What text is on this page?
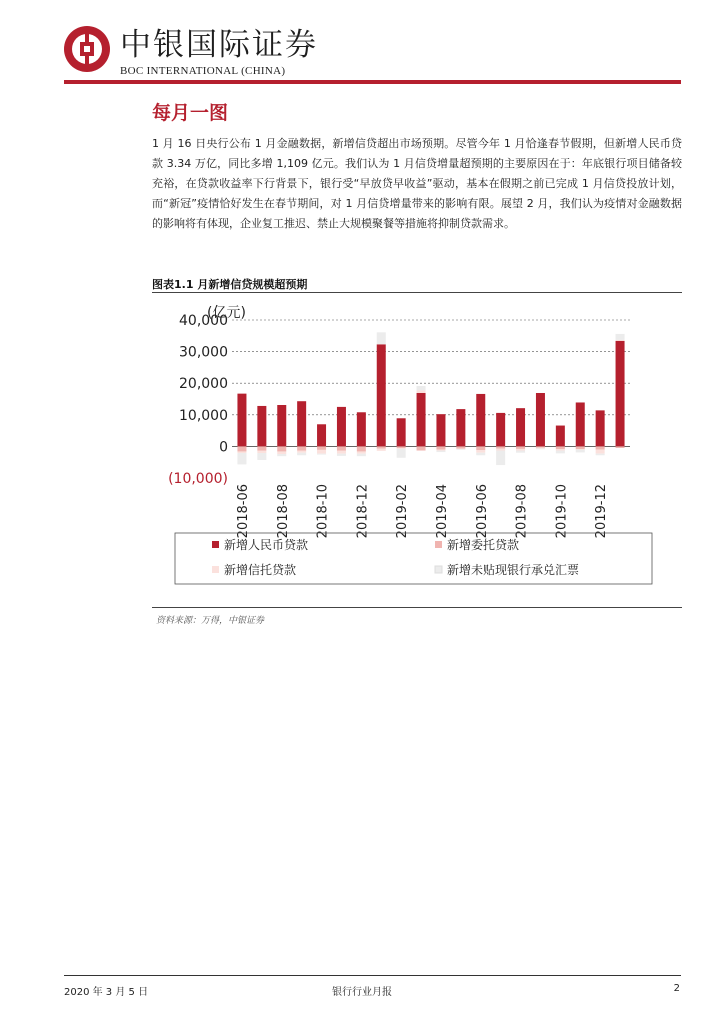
中银国际证券
BOC INTERNATIONAL (CHINA)
每月一图
1 月 16 日央行公布 1 月金融数据，新增信贷超出市场预期。尽管今年 1 月恰逢春节假期，但新增人民币贷款 3.34 万亿，同比多增 1,109 亿元。我们认为 1 月信贷增量超预期的主要原因在于：年底银行项目储备较充裕，在贷款收益率下行背景下，银行受“早放贷早收益”驱动，基本在假期之前已完成 1 月信贷投放计划，而“新冠”疫情恰好发生在春节期间，对 1 月信贷增量带来的影响有限。展望 2 月，我们认为疫情对金融数据的影响将有体现，企业复工推迟、禁止大规模聚餐等措施将抑制贷款需求。
图表1.1 月新增信贷规模超预期
(亿元)
(10,000)
0
10,000
20,000
30,000
40,000
2018-06 2018-08 2018-10 2018-12 2019-02 2019-04 2019-06 2019-08 2019-10 2019-12
新增人民币贷款	新增委托贷款
新增信托贷款	新增未贴现银行承兑汇票
资料来源：万得，中银证券
2020 年 3 月 5 日	银行行业月报	2
